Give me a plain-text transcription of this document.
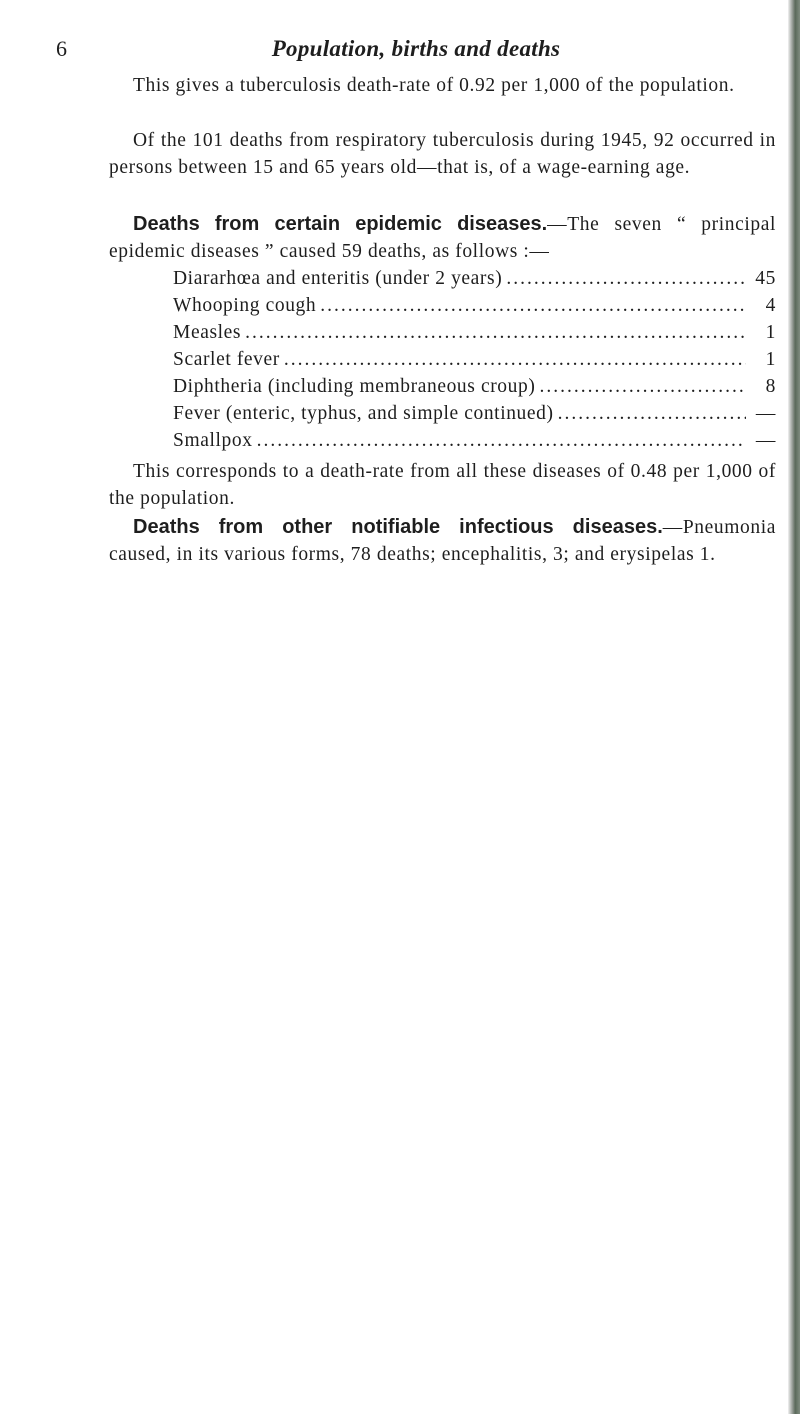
6	Population, births and deaths

This gives a tuberculosis death-rate of 0.92 per 1,000 of the population.

Of the 101 deaths from respiratory tuberculosis during 1945, 92 occurred in persons between 15 and 65 years old—that is, of a wage-earning age.

Deaths from certain epidemic diseases.—The seven “ principal epidemic diseases ” caused 59 deaths, as follows :—

Diararhœa and enteritis (under 2 years) .....	45
Whooping cough .....	4
Measles .....	1
Scarlet fever .....	1
Diphtheria (including membraneous croup) .....	8
Fever (enteric, typhus, and simple continued) .....	—
Smallpox .....	—

This corresponds to a death-rate from all these diseases of 0.48 per 1,000 of the population.

Deaths from other notifiable infectious diseases.—Pneumonia caused, in its various forms, 78 deaths; encephalitis, 3; and erysipelas 1.
